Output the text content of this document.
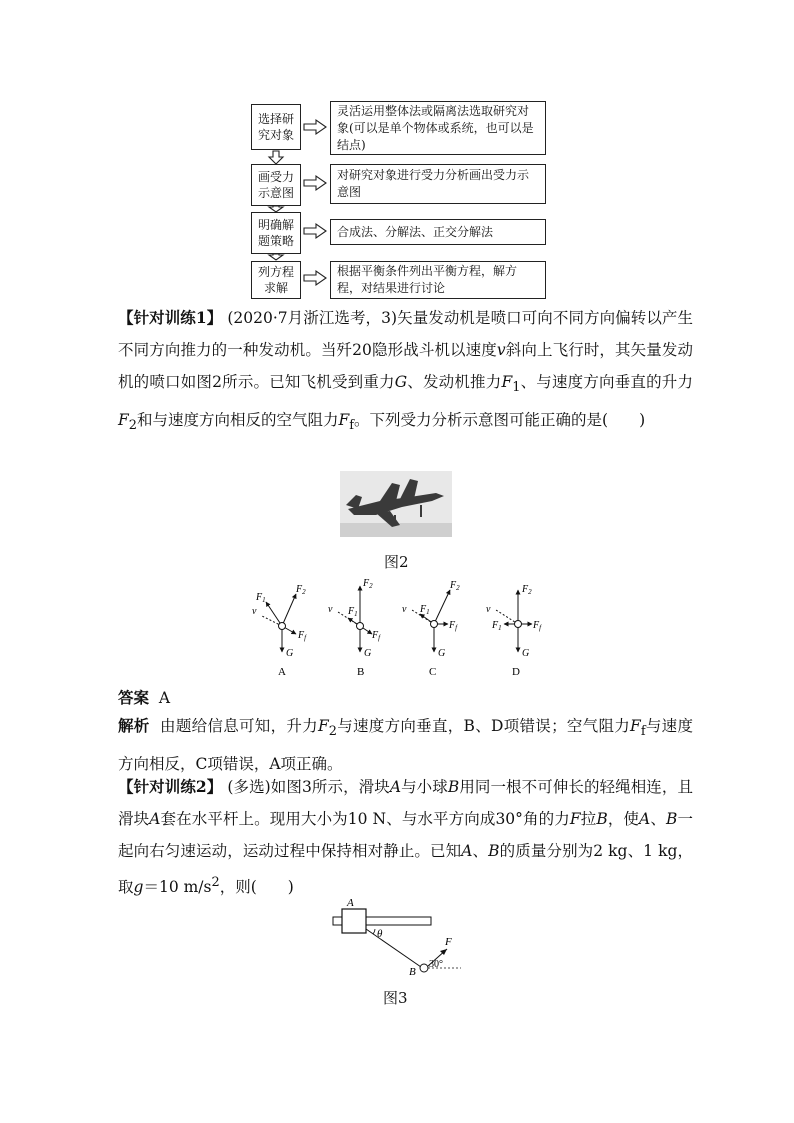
选择研
究对象
画受力
示意图
明确解
题策略
列方程
求解
灵活运用整体法或隔离法选取研究对象(可以是单个物体或系统，也可以是结点)
对研究对象进行受力分析画出受力示意图
合成法、分解法、正交分解法
根据平衡条件列出平衡方程，解方程，对结果进行讨论
【针对训练1】 (2020·7月浙江选考，3)矢量发动机是喷口可向不同方向偏转以产生不同方向推力的一种发动机。当歼20隐形战斗机以速度v斜向上飞行时，其矢量发动机的喷口如图2所示。已知飞机受到重力G、发动机推力$F_1$、与速度方向垂直的升力$F_2$和与速度方向相反的空气阻力$F_f$。下列受力分析示意图可能正确的是(　　)
图2
$F_1$
$F_2$
$F_f$
v
G
A
$F_1$
$F_2$
$F_f$
v
G
B
$F_1$
$F_2$
$F_f$
v
G
C
$F_1$
$F_2$
$F_f$
v
G
D
答案 A
解析 由题给信息可知，升力$F_2$与速度方向垂直，B、D项错误；空气阻力$F_f$与速度方向相反，C项错误，A项正确。
【针对训练2】 (多选)如图3所示，滑块A与小球B用同一根不可伸长的轻绳相连，且滑块A套在水平杆上。现用大小为10 N、与水平方向成30°角的力F拉B，使A、B一起向右匀速运动，运动过程中保持相对静止。已知A、B的质量分别为2 kg、1 kg，取g＝10 $m/s^2$，则(　　)
A
θ
B
F
30°
图3
